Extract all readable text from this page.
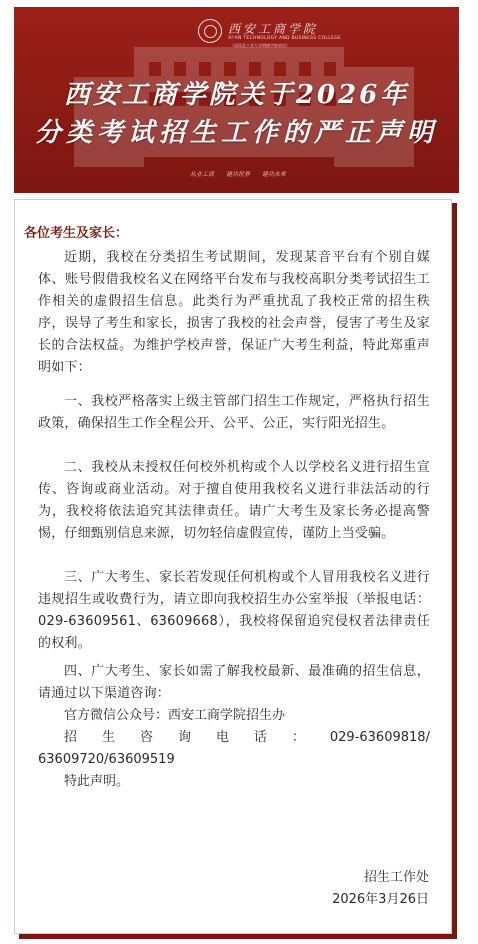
西安工商学院
XI'AN TECHNOLOGY AND BUSINESS COLLEGE
（原西北工业大学明德学院转设）
西安工商学院关于2026年
分类考试招生工作的严正声明
从业工商 建功世界 建功未来
各位考生及家长：

近期，我校在分类招生考试期间，发现某音平台有个别自媒体、账号假借我校名义在网络平台发布与我校高职分类考试招生工作相关的虚假招生信息。此类行为严重扰乱了我校正常的招生秩序，误导了考生和家长，损害了我校的社会声誉，侵害了考生及家长的合法权益。为维护学校声誉，保证广大考生利益，特此郑重声明如下：

一、我校严格落实上级主管部门招生工作规定，严格执行招生政策，确保招生工作全程公开、公平、公正，实行阳光招生。

二、我校从未授权任何校外机构或个人以学校名义进行招生宣传、咨询或商业活动。对于擅自使用我校名义进行非法活动的行为，我校将依法追究其法律责任。请广大考生及家长务必提高警惕，仔细甄别信息来源，切勿轻信虚假宣传，谨防上当受骗。

三、广大考生、家长若发现任何机构或个人冒用我校名义进行违规招生或收费行为，请立即向我校招生办公室举报（举报电话：029-63609561、63609668），我校将保留追究侵权者法律责任的权利。

四、广大考生、家长如需了解我校最新、最准确的招生信息，请通过以下渠道咨询：

官方微信公众号：西安工商学院招生办
招 生 咨 询 电 话 ： 029-63609818/
63609720/63609519
特此声明。
招生工作处
2026年3月26日
